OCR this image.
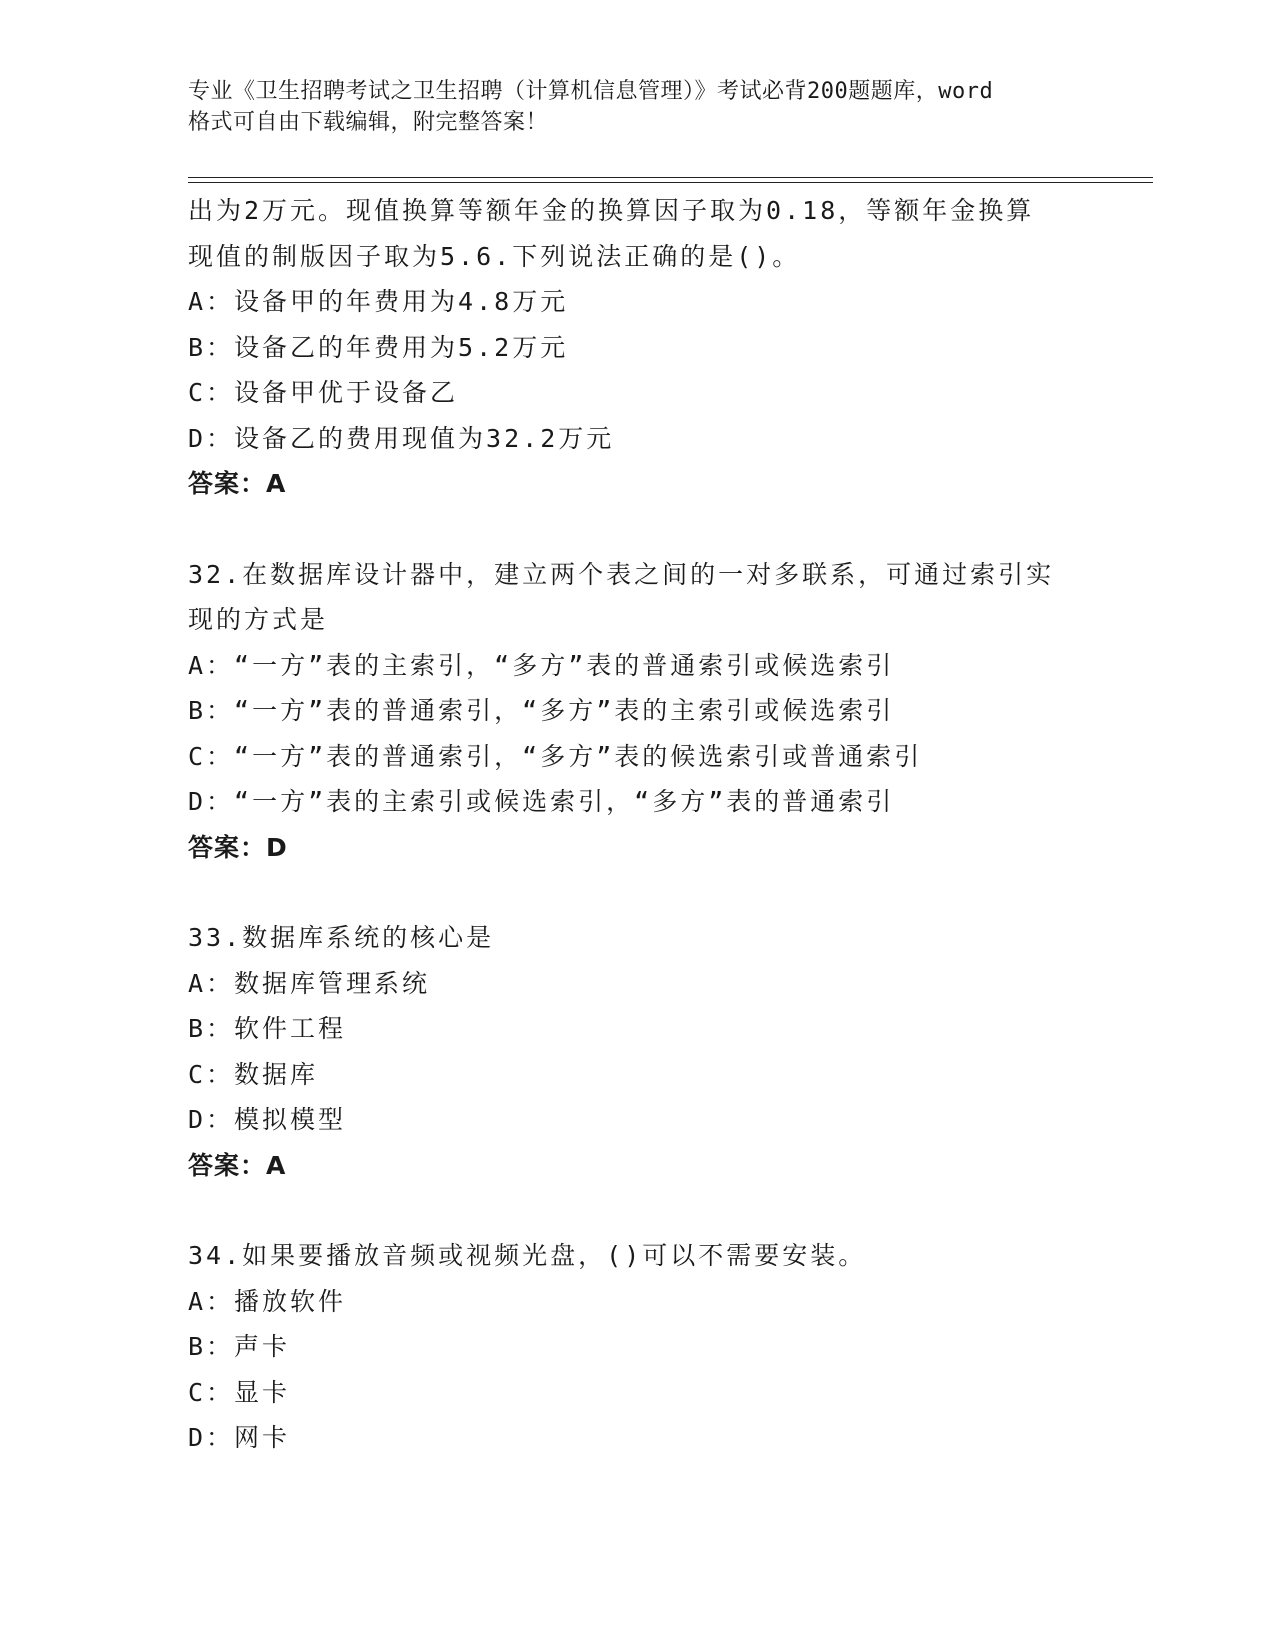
专业《卫生招聘考试之卫生招聘（计算机信息管理）》考试必背200题题库，word
格式可自由下载编辑，附完整答案！
出为2万元。现值换算等额年金的换算因子取为0.18，等额年金换算
现值的制版因子取为5.6.下列说法正确的是()。
A：设备甲的年费用为4.8万元
B：设备乙的年费用为5.2万元
C：设备甲优于设备乙
D：设备乙的费用现值为32.2万元
答案：A
32.在数据库设计器中，建立两个表之间的一对多联系，可通过索引实
现的方式是
A：“一方”表的主索引，“多方”表的普通索引或候选索引
B：“一方”表的普通索引，“多方”表的主索引或候选索引
C：“一方”表的普通索引，“多方”表的候选索引或普通索引
D：“一方”表的主索引或候选索引，“多方”表的普通索引
答案：D
33.数据库系统的核心是
A：数据库管理系统
B：软件工程
C：数据库
D：模拟模型
答案：A
34.如果要播放音频或视频光盘，()可以不需要安装。
A：播放软件
B：声卡
C：显卡
D：网卡
